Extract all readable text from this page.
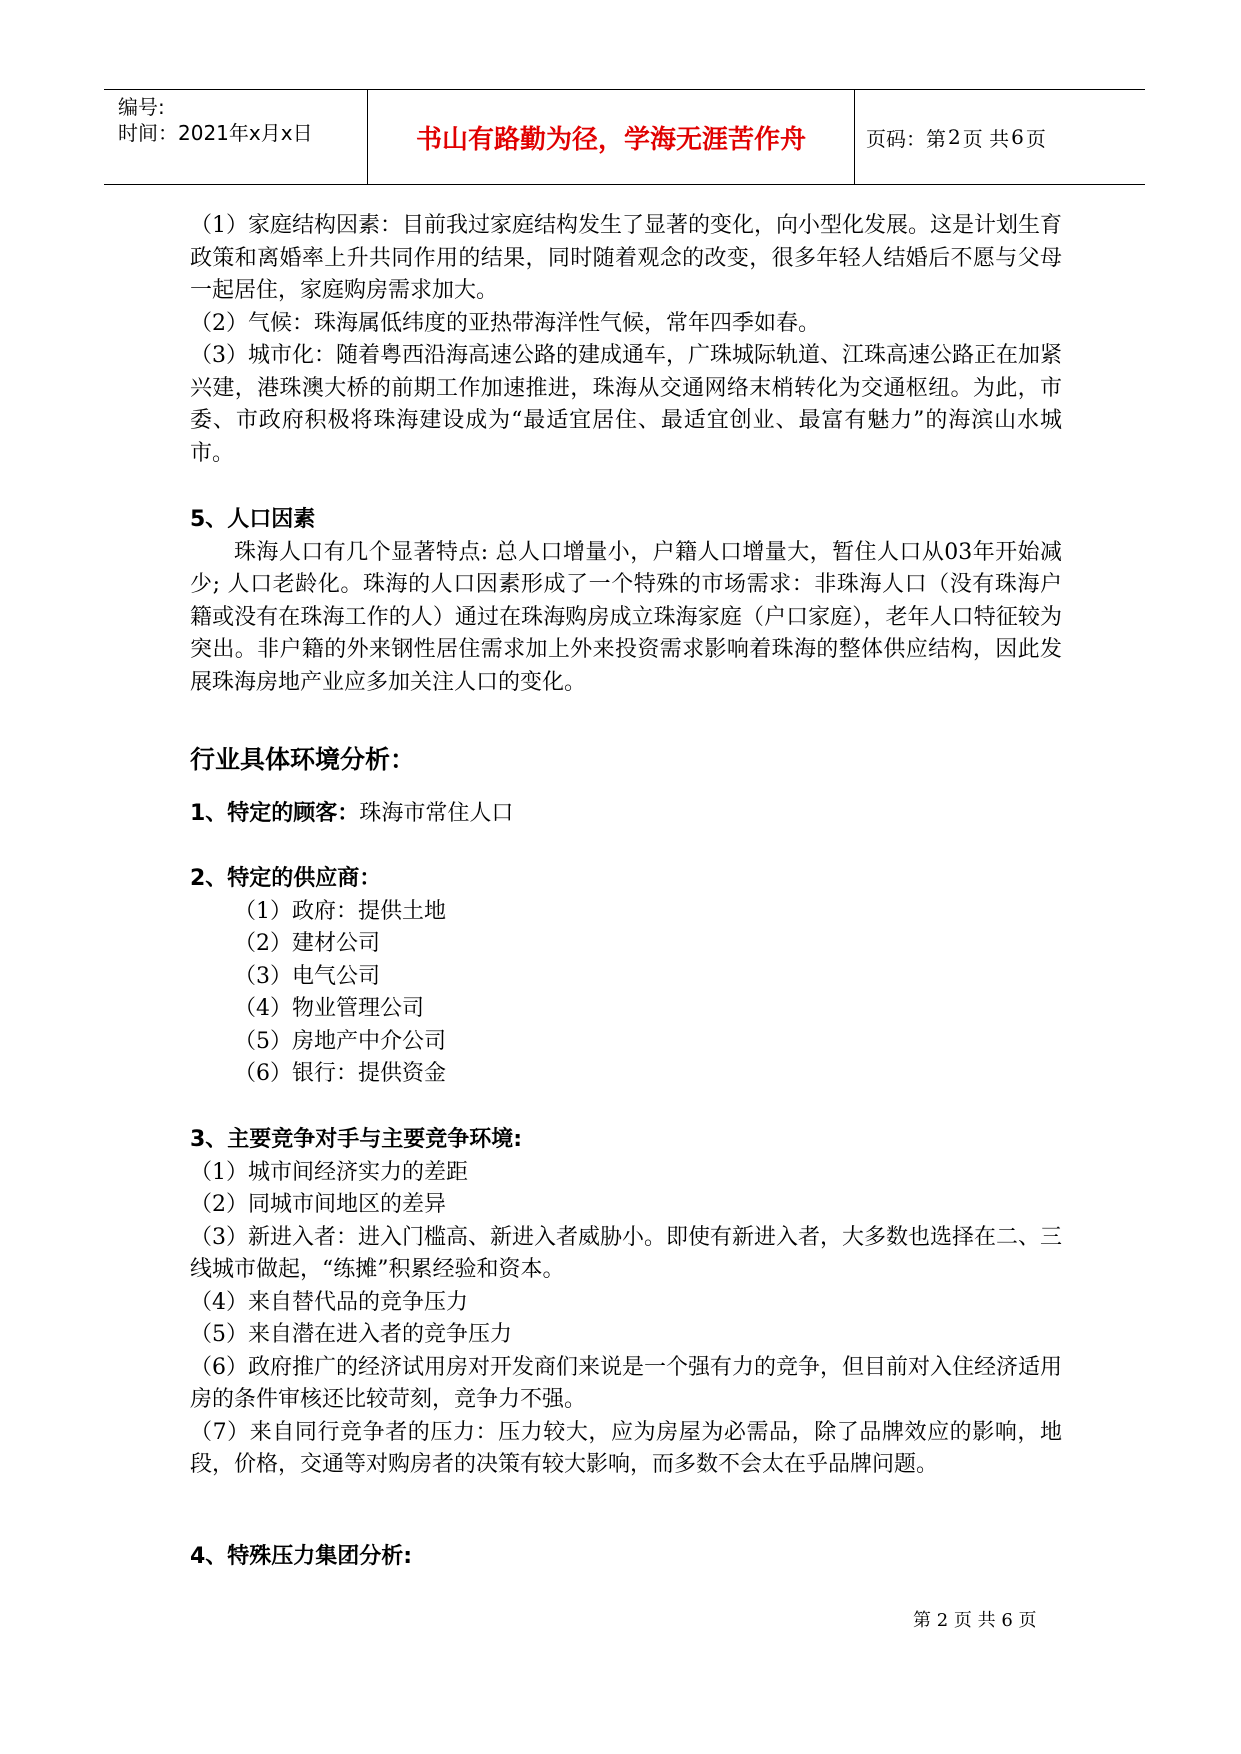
编号:
时间：2021年x月x日	书山有路勤为径，学海无涯苦作舟	页码：第 2 页 共 6 页

（1）家庭结构因素：目前我过家庭结构发生了显著的变化，向小型化发展。这是计划生育政策和离婚率上升共同作用的结果，同时随着观念的改变，很多年轻人结婚后不愿与父母一起居住，家庭购房需求加大。

（2）气候：珠海属低纬度的亚热带海洋性气候，常年四季如春。

（3）城市化：随着粤西沿海高速公路的建成通车，广珠城际轨道、江珠高速公路正在加紧兴建，港珠澳大桥的前期工作加速推进，珠海从交通网络末梢转化为交通枢纽。为此，市委、市政府积极将珠海建设成为“最适宜居住、最适宜创业、最富有魅力”的海滨山水城市。

5、人口因素

珠海人口有几个显著特点: 总人口增量小，户籍人口增量大，暂住人口从03年开始减少; 人口老龄化。珠海的人口因素形成了一个特殊的市场需求：非珠海人口（没有珠海户籍或没有在珠海工作的人）通过在珠海购房成立珠海家庭（户口家庭），老年人口特征较为突出。非户籍的外来钢性居住需求加上外来投资需求影响着珠海的整体供应结构，因此发展珠海房地产业应多加关注人口的变化。

行业具体环境分析：

1、特定的顾客：珠海市常住人口

2、特定的供应商：

（1）政府：提供土地

（2）建材公司

（3）电气公司

（4）物业管理公司

（5）房地产中介公司

（6）银行：提供资金

3、主要竞争对手与主要竞争环境:

（1）城市间经济实力的差距

（2）同城市间地区的差异

（3）新进入者：进入门槛高、新进入者威胁小。即使有新进入者，大多数也选择在二、三线城市做起，“练摊”积累经验和资本。

（4）来自替代品的竞争压力

（5）来自潜在进入者的竞争压力

（6）政府推广的经济试用房对开发商们来说是一个强有力的竞争，但目前对入住经济适用房的条件审核还比较苛刻，竞争力不强。

（7）来自同行竞争者的压力：压力较大，应为房屋为必需品，除了品牌效应的影响，地段，价格，交通等对购房者的决策有较大影响，而多数不会太在乎品牌问题。

4、特殊压力集团分析:

第 2 页 共 6 页
